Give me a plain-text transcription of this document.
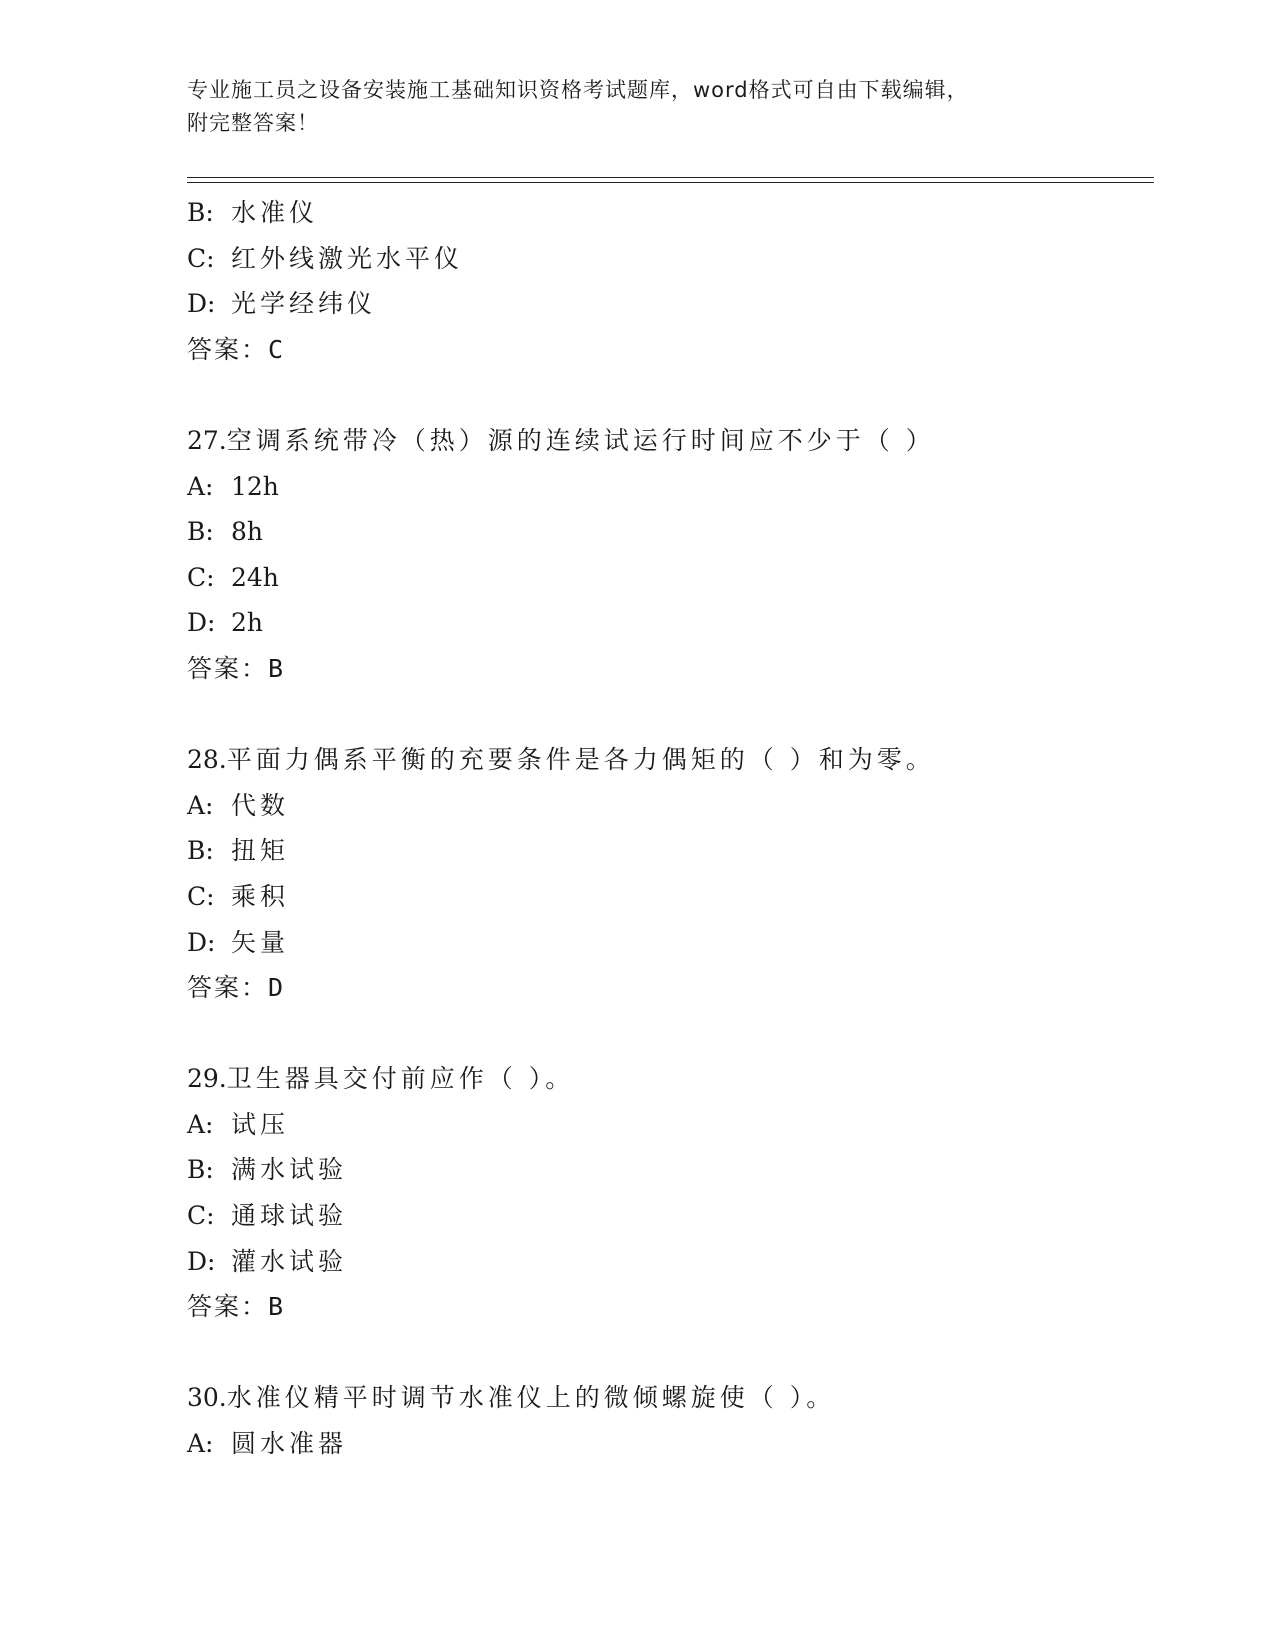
专业施工员之设备安装施工基础知识资格考试题库，word格式可自由下载编辑，
附完整答案！
B: 水准仪
C: 红外线激光水平仪
D: 光学经纬仪
答案：C
27.空调系统带冷（热）源的连续试运行时间应不少于（ ）
A: 12h
B: 8h
C: 24h
D: 2h
答案：B
28.平面力偶系平衡的充要条件是各力偶矩的（ ）和为零。
A: 代数
B: 扭矩
C: 乘积
D: 矢量
答案：D
29.卫生器具交付前应作（ ）。
A: 试压
B: 满水试验
C: 通球试验
D: 灌水试验
答案：B
30.水准仪精平时调节水准仪上的微倾螺旋使（ ）。
A: 圆水准器
